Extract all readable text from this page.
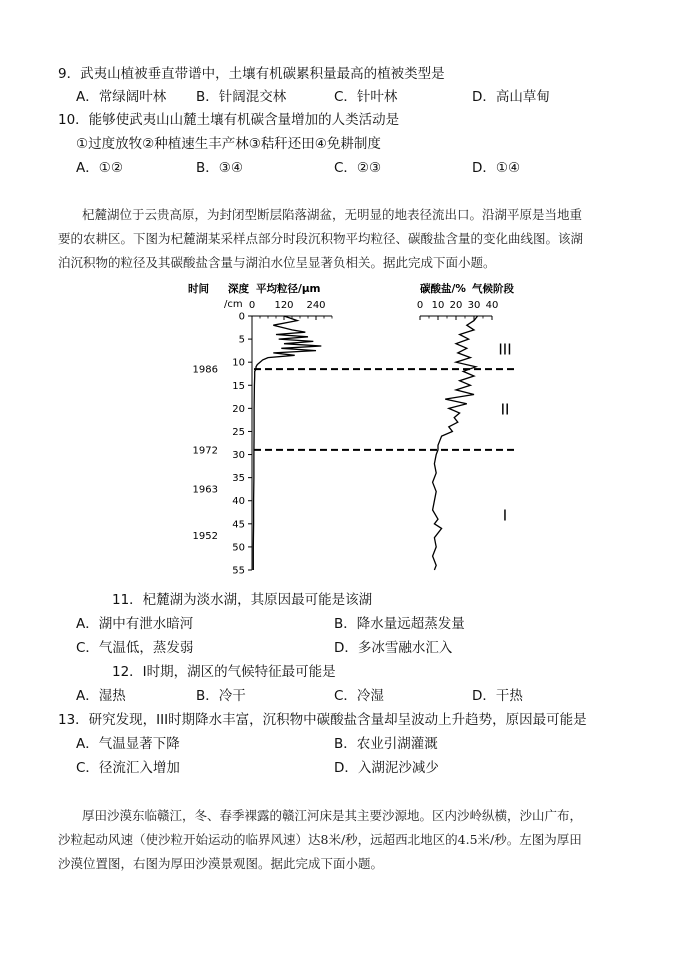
9．武夷山植被垂直带谱中，土壤有机碳累积量最高的植被类型是
A．常绿阔叶林 B．针阔混交林	C．针叶林	D．高山草甸
10．能够使武夷山山麓土壤有机碳含量增加的人类活动是
①过度放牧②种植速生丰产林③秸秆还田④免耕制度
A．①②	B．③④	C．②③	D．①④
杞麓湖位于云贵高原，为封闭型断层陷落湖盆，无明显的地表径流出口。沿湖平原是当地重
要的农耕区。下图为杞麓湖某采样点部分时段沉积物平均粒径、碳酸盐含量的变化曲线图。该湖
泊沉积物的粒径及其碳酸盐含量与湖泊水位呈显著负相关。据此完成下面小题。
时间 深度 平均粒径/μm
/cm
碳酸盐/% 气候阶段
0
5
10
15
20
25
30
35
40
45
50
55
0 120 240	0 10 20 30 40
1986
1972
1963
1952
III
II
I
11．杞麓湖为淡水湖，其原因最可能是该湖
A．湖中有泄水暗河	B．降水量远超蒸发量
C．气温低，蒸发弱	D．多冰雪融水汇入
12．I时期，湖区的气候特征最可能是
A．湿热	B．冷干	C．冷湿	D．干热
13．研究发现，III时期降水丰富，沉积物中碳酸盐含量却呈波动上升趋势，原因最可能是
A．气温显著下降	B．农业引湖灌溉
C．径流汇入增加	D．入湖泥沙减少
厚田沙漠东临赣江，冬、春季裸露的赣江河床是其主要沙源地。区内沙岭纵横，沙山广布，
沙粒起动风速（使沙粒开始运动的临界风速）达8米/秒，远超西北地区的4.5米/秒。左图为厚田
沙漠位置图，右图为厚田沙漠景观图。据此完成下面小题。
